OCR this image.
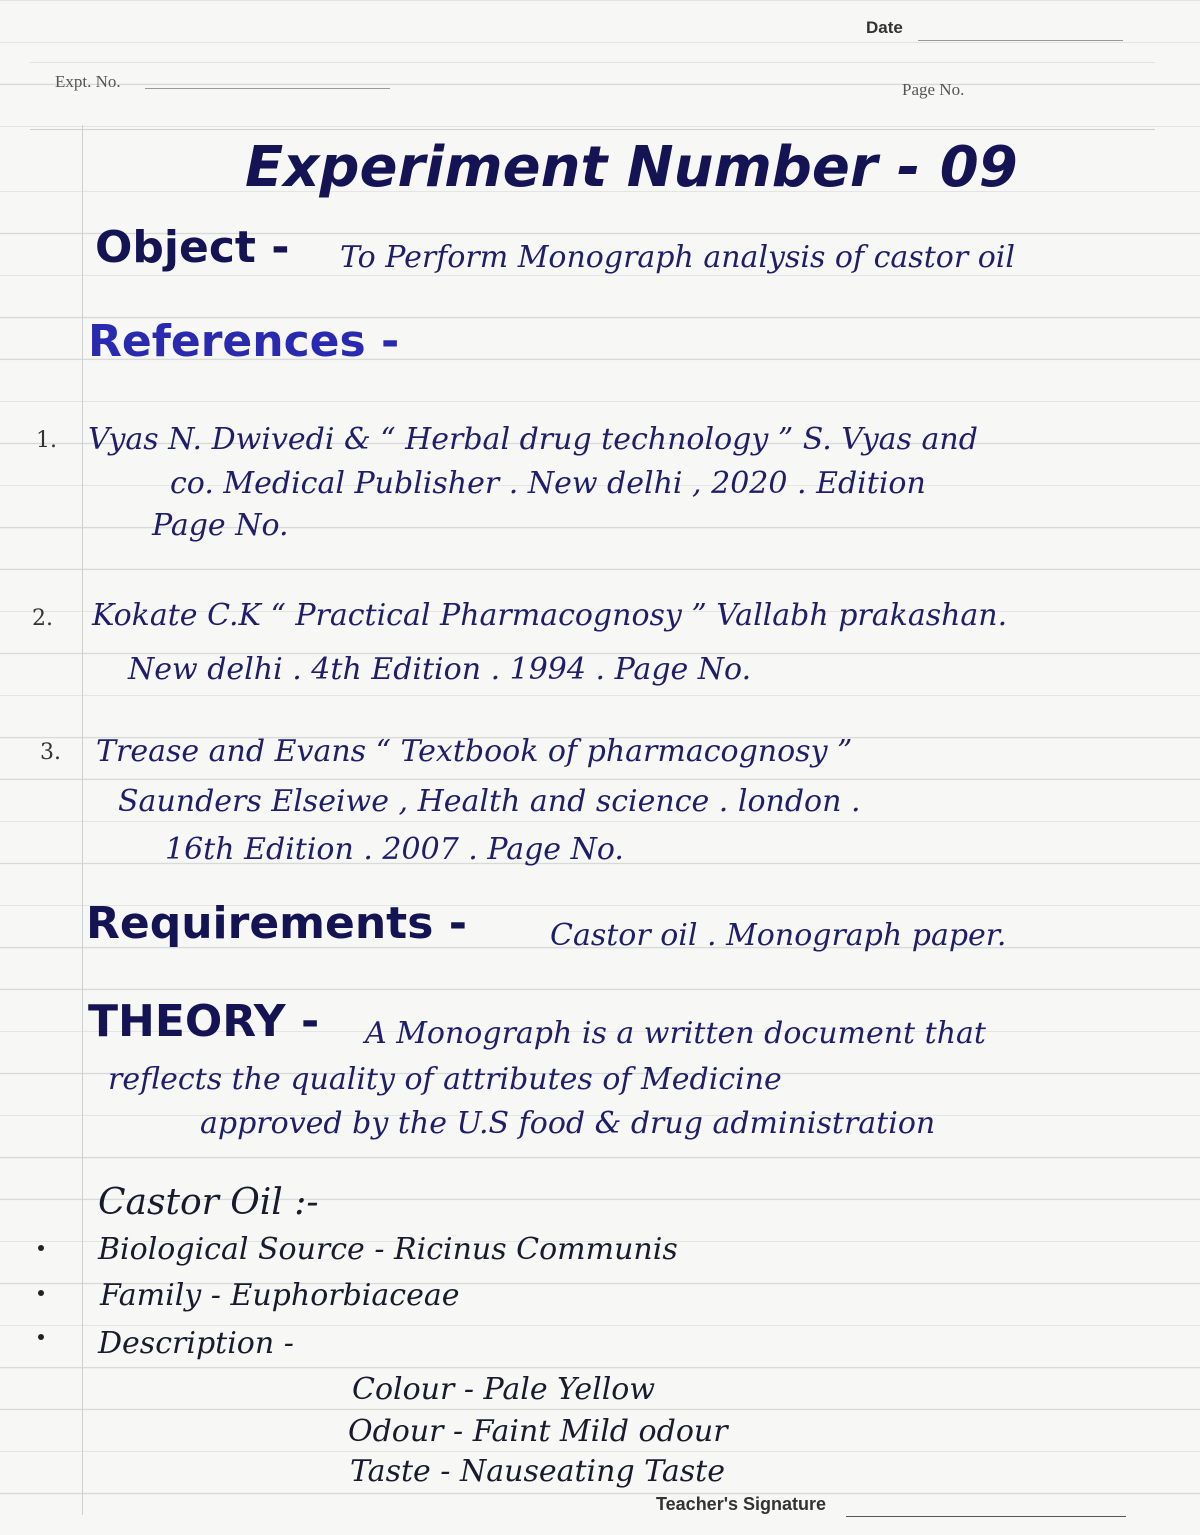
Date
Expt. No.	Page No.
Experiment Number - 09
Object - To Perform Monograph analysis of castor oil
References -
1. Vyas N. Dwivedi & “ Herbal drug technology ” S. Vyas and
co. Medical Publisher . New delhi , 2020 . Edition
Page No.
2. Kokate C.K “ Practical Pharmacognosy ” Vallabh prakashan.
New delhi . 4th Edition . 1994 . Page No.
3. Trease and Evans “ Textbook of pharmacognosy ”
Saunders Elseiwe , Health and science . london .
16th Edition . 2007 . Page No.
Requirements -	Castor oil . Monograph paper.
THEORY - A Monograph is a written document that
reflects the quality of attributes of Medicine
approved by the U.S food & drug administration
Castor Oil :-
Biological Source - Ricinus Communis
Family - Euphorbiaceae
Description -
Colour - Pale Yellow
Odour - Faint Mild odour
Taste - Nauseating Taste
Teacher's Signature
